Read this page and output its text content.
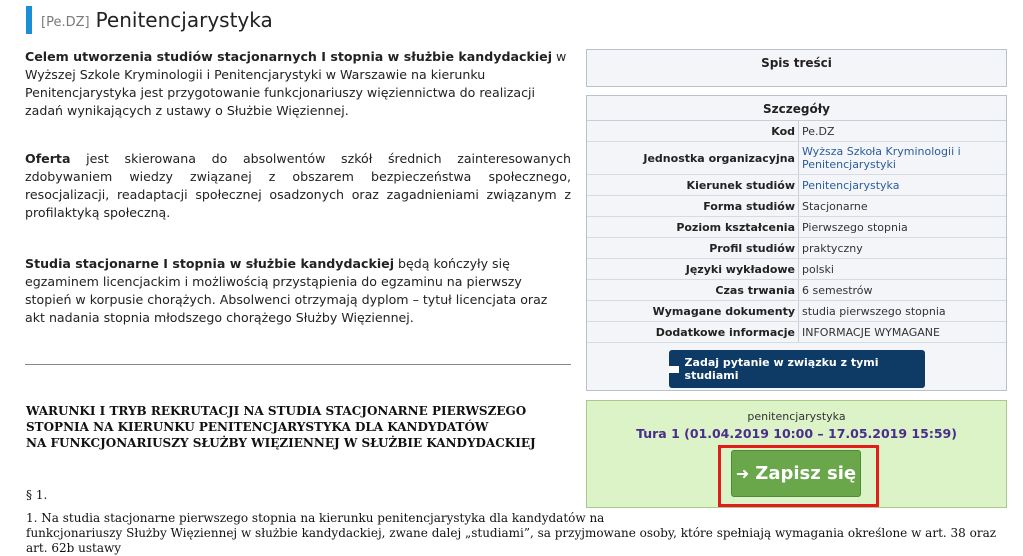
[Pe.DZ] Penitencjarystyka

Celem utworzenia studiów stacjonarnych I stopnia w służbie kandydackiej w Wyższej Szkole Kryminologii i Penitencjarystyki w Warszawie na kierunku Penitencjarystyka jest przygotowanie funkcjonariuszy więziennictwa do realizacji zadań wynikających z ustawy o Służbie Więziennej.

Oferta jest skierowana do absolwentów szkół średnich zainteresowanych zdobywaniem wiedzy związanej z obszarem bezpieczeństwa społecznego, resocjalizacji, readaptacji społecznej osadzonych oraz zagadnieniami związanym z profilaktyką społeczną.

Studia stacjonarne I stopnia w służbie kandydackiej będą kończyły się egzaminem licencjackim i możliwością przystąpienia do egzaminu na pierwszy stopień w korpusie chorążych. Absolwenci otrzymają dyplom – tytuł licencjata oraz akt nadania stopnia młodszego chorążego Służby Więziennej.

WARUNKI I TRYB REKRUTACJI NA STUDIA STACJONARNE PIERWSZEGO
STOPNIA NA KIERUNKU PENITENCJARYSTYKA DLA KANDYDATÓW
NA FUNKCJONARIUSZY SŁUŻBY WIĘZIENNEJ W SŁUŻBIE KANDYDACKIEJ
§ 1.
1. Na studia stacjonarne pierwszego stopnia na kierunku penitencjarystyka dla kandydatów na
funkcjonariuszy Służby Więziennej w służbie kandydackiej, zwane dalej „studiami”, sa przyjmowane osoby, które spełniają wymagania określone w art. 38 oraz art. 62b ustawy
Spis treści
Szczegóły
Kod	Pe.DZ
Jednostka organizacyjna	Wyższa Szkoła Kryminologii i Penitencjarystyki
Kierunek studiów	Penitencjarystyka
Forma studiów	Stacjonarne
Poziom kształcenia	Pierwszego stopnia
Profil studiów	praktyczny
Języki wykładowe	polski
Czas trwania	6 semestrów
Wymagane dokumenty	studia pierwszego stopnia
Dodatkowe informacje	INFORMACJE WYMAGANE
Zadaj pytanie w związku z tymi studiami
penitencjarystyka
Tura 1 (01.04.2019 10:00 – 17.05.2019 15:59)
➜ Zapisz się
